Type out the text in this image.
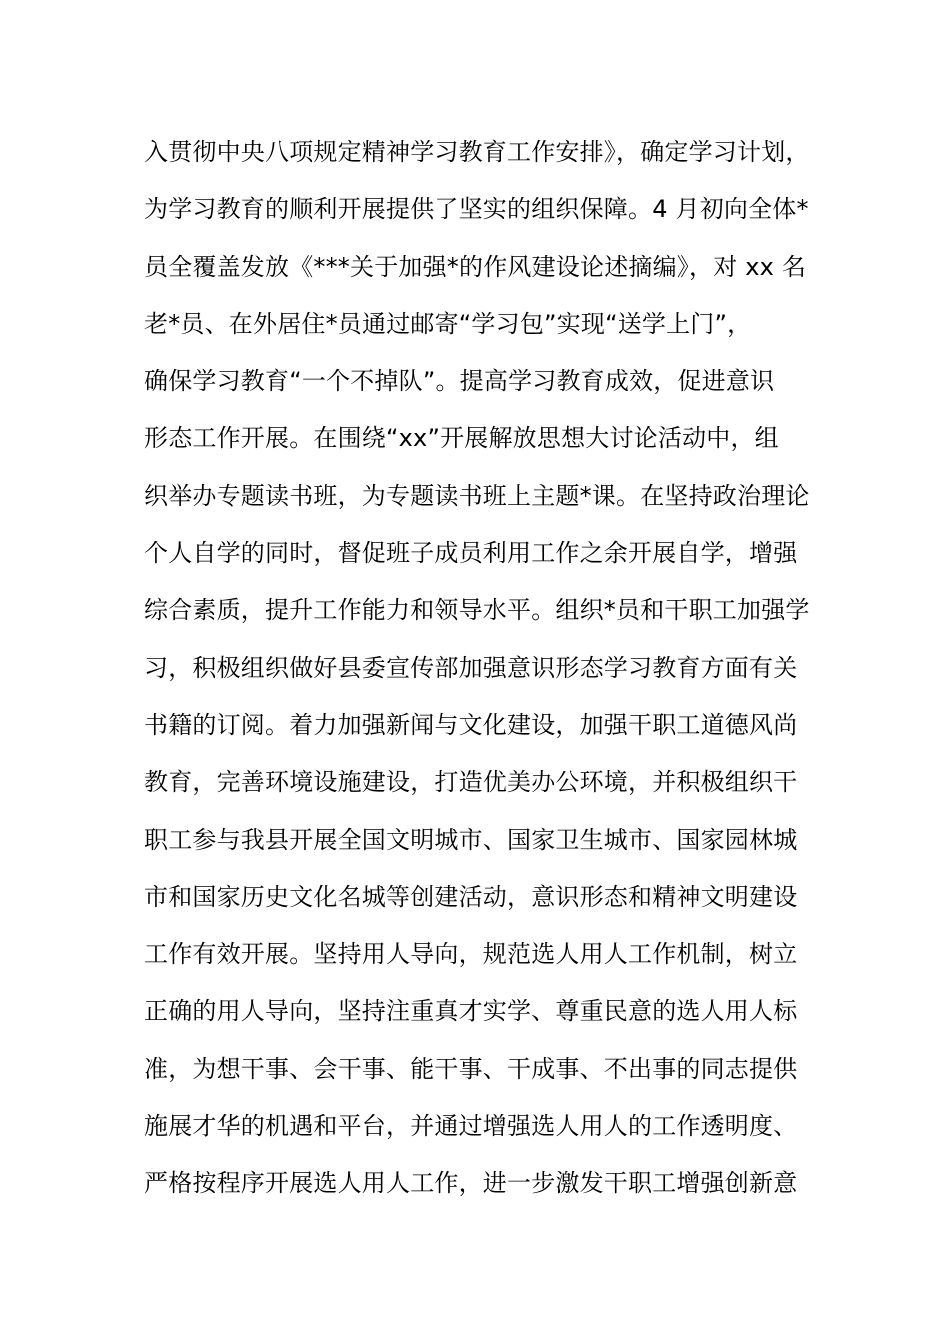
入贯彻中央八项规定精神学习教育工作安排》，确定学习计划，
为学习教育的顺利开展提供了坚实的组织保障。4 月初向全体*
员全覆盖发放《***关于加强*的作风建设论述摘编》，对 xx 名
老*员、在外居住*员通过邮寄“学习包”实现“送学上门”，
确保学习教育“一个不掉队”。提高学习教育成效，促进意识
形态工作开展。在围绕“xx”开展解放思想大讨论活动中，组
织举办专题读书班，为专题读书班上主题*课。在坚持政治理论
个人自学的同时，督促班子成员利用工作之余开展自学，增强
综合素质，提升工作能力和领导水平。组织*员和干职工加强学
习，积极组织做好县委宣传部加强意识形态学习教育方面有关
书籍的订阅。着力加强新闻与文化建设，加强干职工道德风尚
教育，完善环境设施建设，打造优美办公环境，并积极组织干
职工参与我县开展全国文明城市、国家卫生城市、国家园林城
市和国家历史文化名城等创建活动，意识形态和精神文明建设
工作有效开展。坚持用人导向，规范选人用人工作机制，树立
正确的用人导向，坚持注重真才实学、尊重民意的选人用人标
准，为想干事、会干事、能干事、干成事、不出事的同志提供
施展才华的机遇和平台，并通过增强选人用人的工作透明度、
严格按程序开展选人用人工作，进一步激发干职工增强创新意
